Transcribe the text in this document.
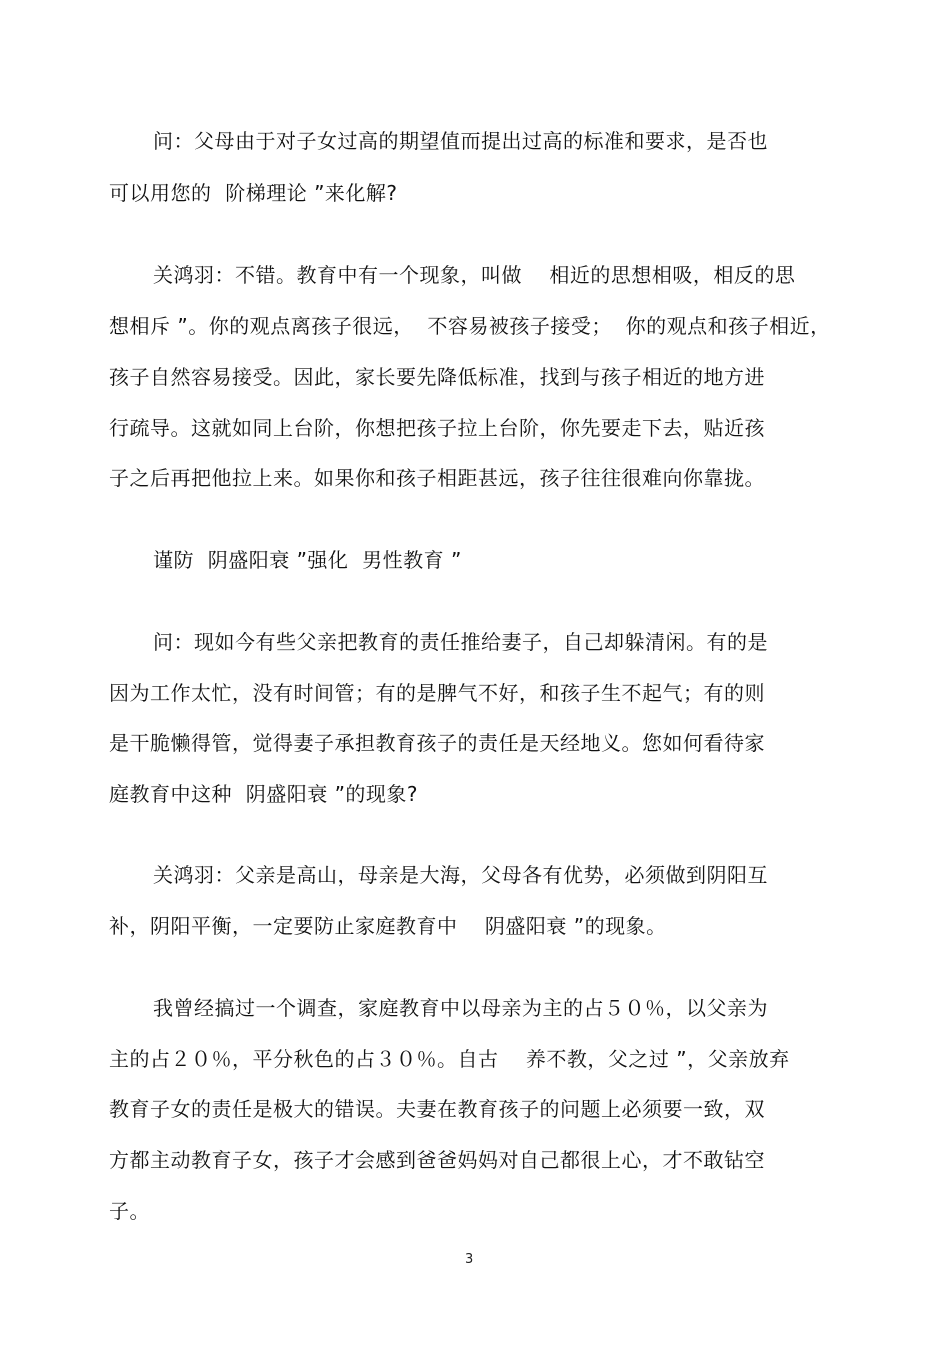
问：父母由于对子女过高的期望值而提出过高的标准和要求，是否也
可以用您的  阶梯理论 ”来化解?
关鸿羽：不错。教育中有一个现象，叫做    相近的思想相吸，相反的思
想相斥 ”。你的观点离孩子很远，  不容易被孩子接受；  你的观点和孩子相近，
孩子自然容易接受。因此，家长要先降低标准，找到与孩子相近的地方进
行疏导。这就如同上台阶，你想把孩子拉上台阶，你先要走下去，贴近孩
子之后再把他拉上来。如果你和孩子相距甚远，孩子往往很难向你靠拢。
谨防  阴盛阳衰 ”强化  男性教育 ”
问：现如今有些父亲把教育的责任推给妻子，自己却躲清闲。有的是
因为工作太忙，没有时间管；有的是脾气不好，和孩子生不起气；有的则
是干脆懒得管，觉得妻子承担教育孩子的责任是天经地义。您如何看待家
庭教育中这种  阴盛阳衰 ”的现象?
关鸿羽：父亲是高山，母亲是大海，父母各有优势，必须做到阴阳互
补，阴阳平衡，一定要防止家庭教育中    阴盛阳衰 ”的现象。
我曾经搞过一个调查，家庭教育中以母亲为主的占５０％，以父亲为
主的占２０％，平分秋色的占３０％。自古    养不教，父之过 ”，父亲放弃
教育子女的责任是极大的错误。夫妻在教育孩子的问题上必须要一致，双
方都主动教育子女，孩子才会感到爸爸妈妈对自己都很上心，才不敢钻空
子。
3
